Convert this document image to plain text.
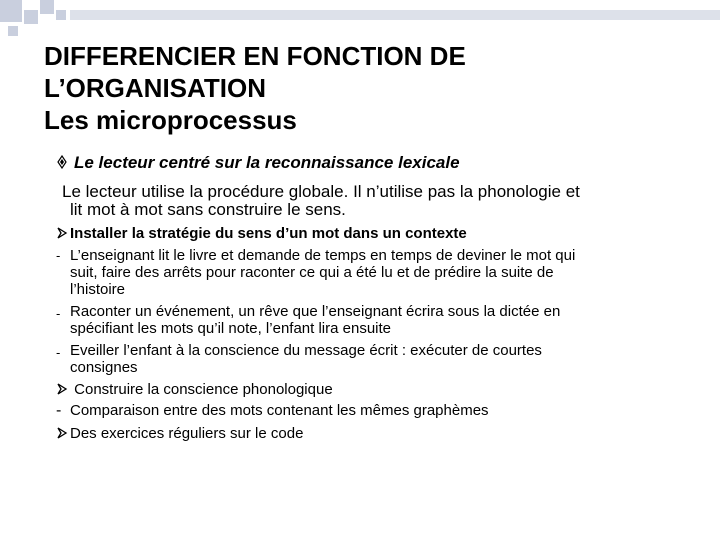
DIFFERENCIER EN FONCTION DE
L’ORGANISATION
Les microprocessus
Le lecteur centré sur la reconnaissance lexicale
Le lecteur utilise la procédure globale. Il n’utilise pas la phonologie et
lit mot à mot sans construire le sens.
Installer la stratégie du sens d’un mot dans un contexte
- L’enseignant lit le livre et demande de temps en temps de deviner le mot qui
suit, faire des arrêts pour raconter ce qui a été lu et de prédire la suite de
l’histoire
- Raconter un événement, un rêve que l’enseignant écrira sous la dictée en
spécifiant les mots qu’il note, l’enfant lira ensuite
- Eveiller l’enfant à la conscience du message écrit : exécuter de courtes
consignes
Construire la conscience phonologique
- Comparaison entre des mots contenant les mêmes graphèmes
Des exercices réguliers sur le code
